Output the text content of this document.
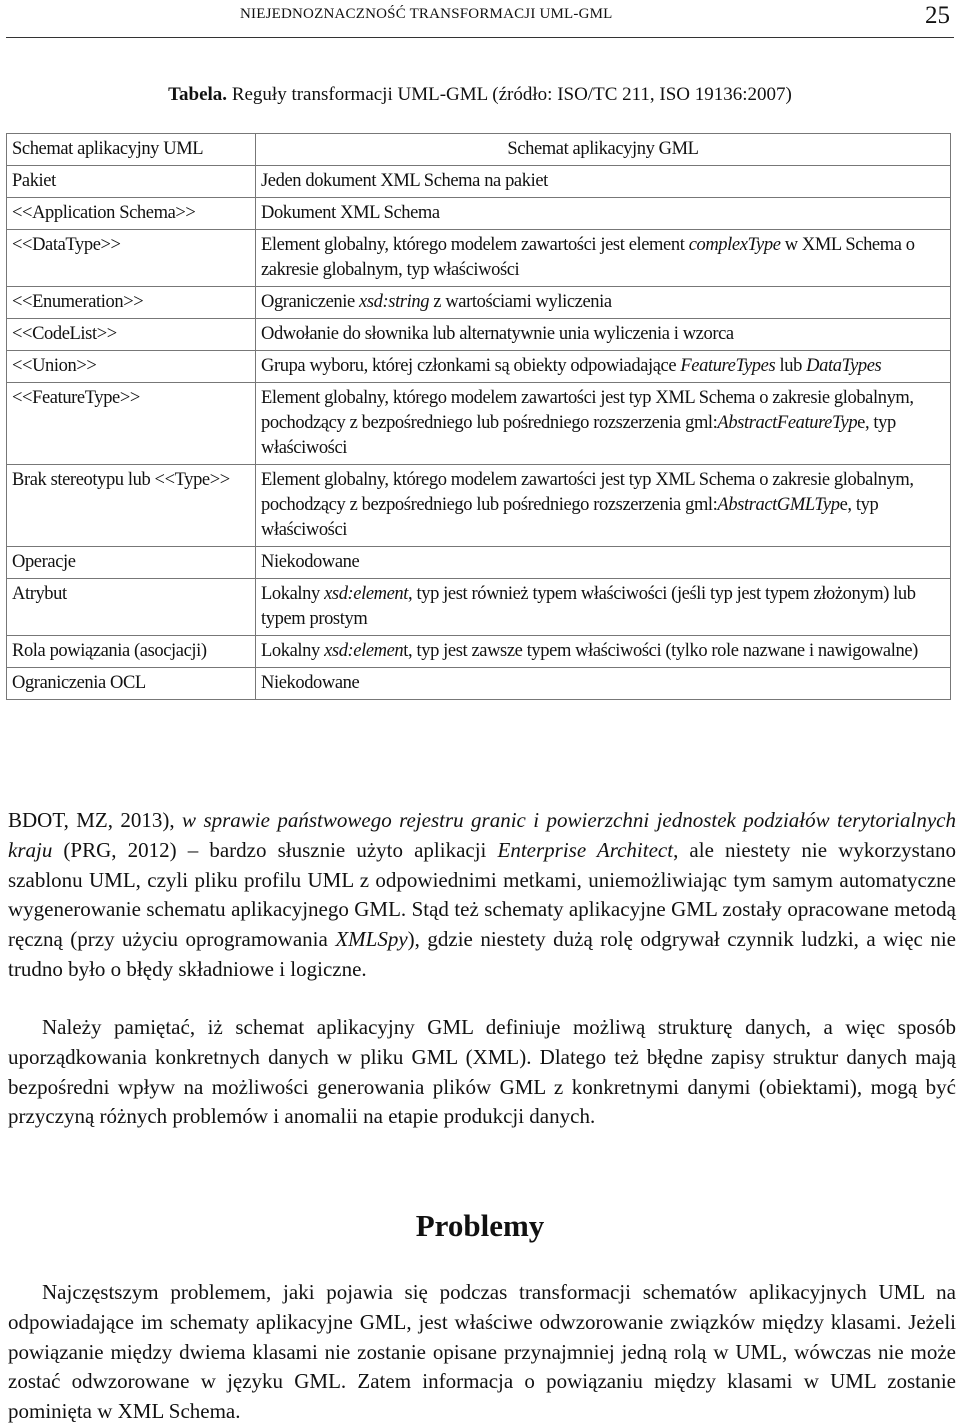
NIEJEDNOZNACZNOŚĆ TRANSFORMACJI UML-GML	25
Tabela. Reguły transformacji UML-GML (źródło: ISO/TC 211, ISO 19136:2007)
Schemat aplikacyjny UML	Schemat aplikacyjny GML
Pakiet	Jeden dokument XML Schema na pakiet
<<Application Schema>>	Dokument XML Schema
<<DataType>>	Element globalny, którego modelem zawartości jest element complexType w XML Schema o zakresie globalnym, typ właściwości
<<Enumeration>>	Ograniczenie xsd:string z wartościami wyliczenia
<<CodeList>>	Odwołanie do słownika lub alternatywnie unia wyliczenia i wzorca
<<Union>>	Grupa wyboru, której członkami są obiekty odpowiadające FeatureTypes lub DataTypes
<<FeatureType>>	Element globalny, którego modelem zawartości jest typ XML Schema o zakresie globalnym, pochodzący z bezpośredniego lub pośredniego rozszerzenia gml:AbstractFeatureType, typ właściwości
Brak stereotypu lub <<Type>>	Element globalny, którego modelem zawartości jest typ XML Schema o zakresie globalnym, pochodzący z bezpośredniego lub pośredniego rozszerzenia gml:AbstractGMLType, typ właściwości
Operacje	Niekodowane
Atrybut	Lokalny xsd:element, typ jest również typem właściwości (jeśli typ jest typem złożonym) lub typem prostym
Rola powiązania (asocjacji)	Lokalny xsd:element, typ jest zawsze typem właściwości (tylko role nazwane i nawigowalne)
Ograniczenia OCL	Niekodowane

BDOT, MZ, 2013), w sprawie państwowego rejestru granic i powierzchni jednostek podziałów terytorialnych kraju (PRG, 2012) – bardzo słusznie użyto aplikacji Enterprise Architect, ale niestety nie wykorzystano szablonu UML, czyli pliku profilu UML z odpowiednimi metkami, uniemożliwiając tym samym automatyczne wygenerowanie schematu aplikacyjnego GML. Stąd też schematy aplikacyjne GML zostały opracowane metodą ręczną (przy użyciu oprogramowania XMLSpy), gdzie niestety dużą rolę odgrywał czynnik ludzki, a więc nie trudno było o błędy składniowe i logiczne.

Należy pamiętać, iż schemat aplikacyjny GML definiuje możliwą strukturę danych, a więc sposób uporządkowania konkretnych danych w pliku GML (XML). Dlatego też błędne zapisy struktur danych mają bezpośredni wpływ na możliwości generowania plików GML z konkretnymi danymi (obiektami), mogą być przyczyną różnych problemów i anomalii na etapie produkcji danych.

Problemy

Najczęstszym problemem, jaki pojawia się podczas transformacji schematów aplikacyjnych UML na odpowiadające im schematy aplikacyjne GML, jest właściwe odwzorowanie związków między klasami. Jeżeli powiązanie między dwiema klasami nie zostanie opisane przynajmniej jedną rolą w UML, wówczas nie może zostać odwzorowane w języku GML. Zatem informacja o powiązaniu między klasami w UML zostanie pominięta w XML Schema.
